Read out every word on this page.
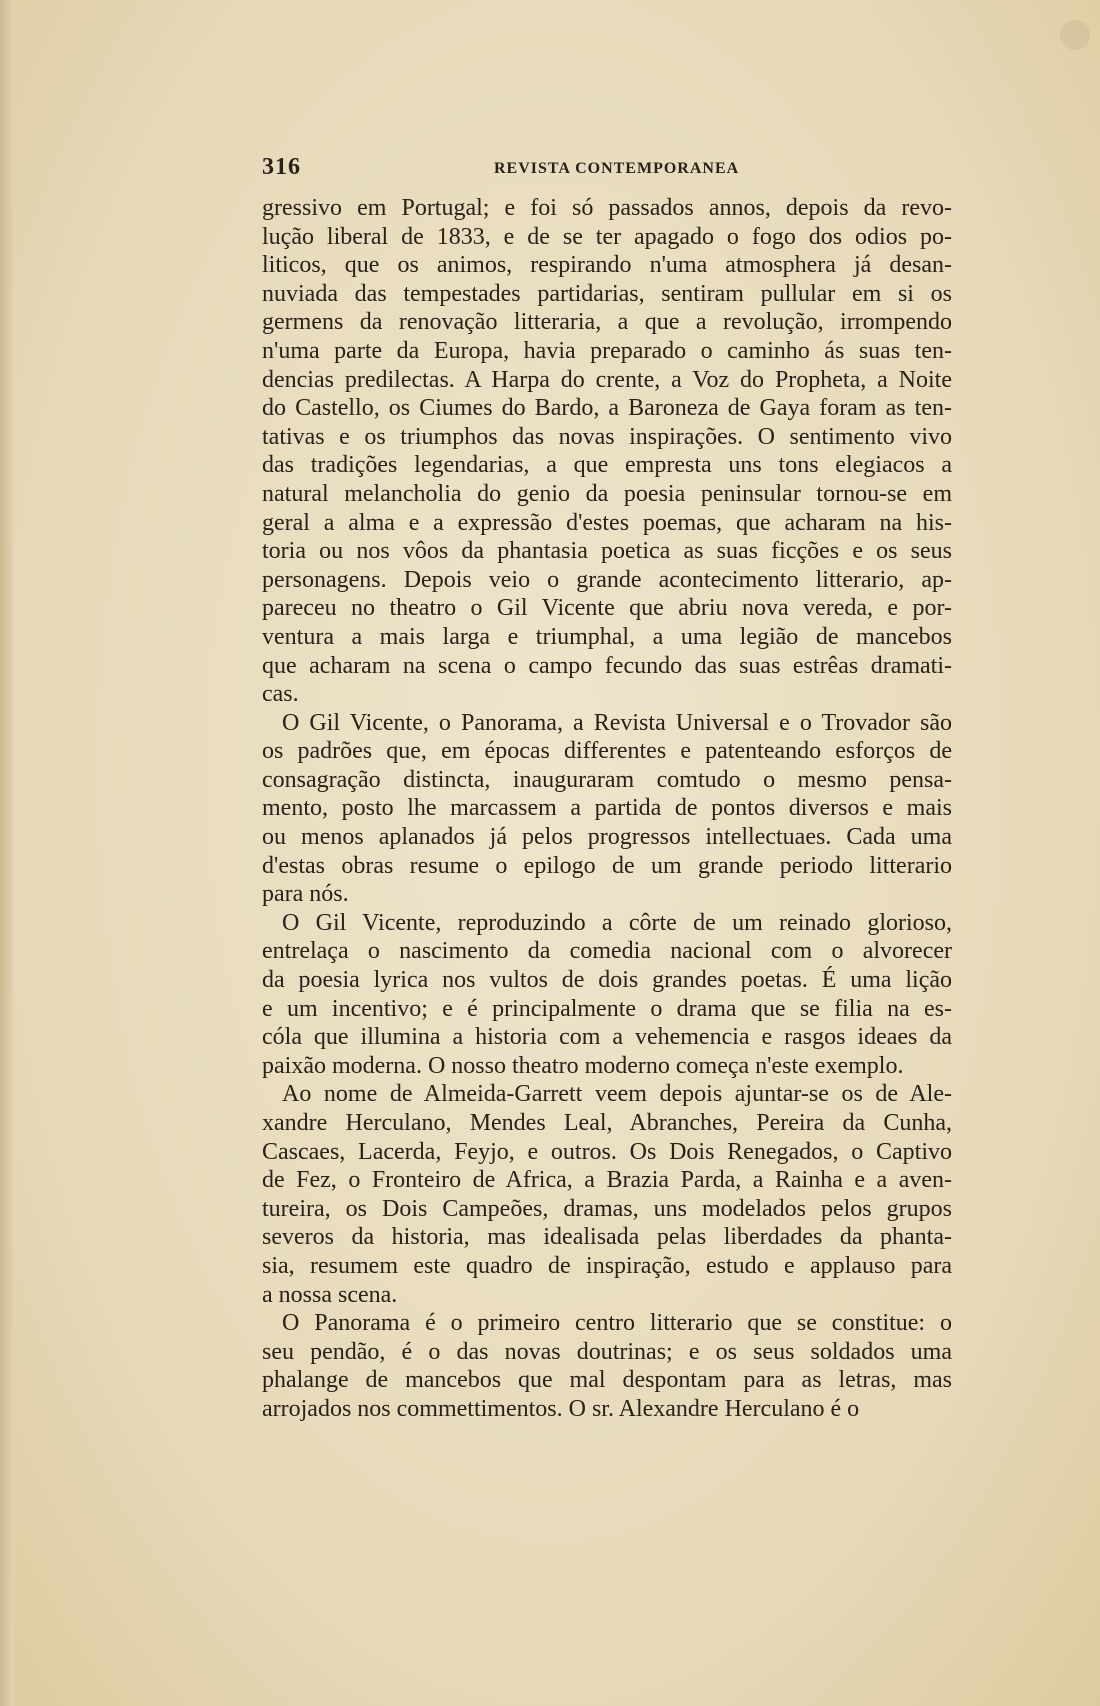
316	REVISTA CONTEMPORANEA
gressivo em Portugal; e foi só passados annos, depois da revo-
lução liberal de 1833, e de se ter apagado o fogo dos odios po-
liticos, que os animos, respirando n'uma atmosphera já desan-
nuviada das tempestades partidarias, sentiram pullular em si os
germens da renovação litteraria, a que a revolução, irrompendo
n'uma parte da Europa, havia preparado o caminho ás suas ten-
dencias predilectas. A Harpa do crente, a Voz do Propheta, a Noite
do Castello, os Ciumes do Bardo, a Baroneza de Gaya foram as ten-
tativas e os triumphos das novas inspirações. O sentimento vivo
das tradições legendarias, a que empresta uns tons elegiacos a
natural melancholia do genio da poesia peninsular tornou-se em
geral a alma e a expressão d'estes poemas, que acharam na his-
toria ou nos vôos da phantasia poetica as suas ficções e os seus
personagens. Depois veio o grande acontecimento litterario, ap-
pareceu no theatro o Gil Vicente que abriu nova vereda, e por-
ventura a mais larga e triumphal, a uma legião de mancebos
que acharam na scena o campo fecundo das suas estrêas dramati-
cas.
O Gil Vicente, o Panorama, a Revista Universal e o Trovador são
os padrões que, em épocas differentes e patenteando esforços de
consagração distincta, inauguraram comtudo o mesmo pensa-
mento, posto lhe marcassem a partida de pontos diversos e mais
ou menos aplanados já pelos progressos intellectuaes. Cada uma
d'estas obras resume o epilogo de um grande periodo litterario
para nós.
O Gil Vicente, reproduzindo a côrte de um reinado glorioso,
entrelaça o nascimento da comedia nacional com o alvorecer
da poesia lyrica nos vultos de dois grandes poetas. É uma lição
e um incentivo; e é principalmente o drama que se filia na es-
cóla que illumina a historia com a vehemencia e rasgos ideaes da
paixão moderna. O nosso theatro moderno começa n'este exemplo.
Ao nome de Almeida-Garrett veem depois ajuntar-se os de Ale-
xandre Herculano, Mendes Leal, Abranches, Pereira da Cunha,
Cascaes, Lacerda, Feyjo, e outros. Os Dois Renegados, o Captivo
de Fez, o Fronteiro de Africa, a Brazia Parda, a Rainha e a aven-
tureira, os Dois Campeões, dramas, uns modelados pelos grupos
severos da historia, mas idealisada pelas liberdades da phanta-
sia, resumem este quadro de inspiração, estudo e applauso para
a nossa scena.
O Panorama é o primeiro centro litterario que se constitue: o
seu pendão, é o das novas doutrinas; e os seus soldados uma
phalange de mancebos que mal despontam para as letras, mas
arrojados nos commettimentos. O sr. Alexandre Herculano é o
